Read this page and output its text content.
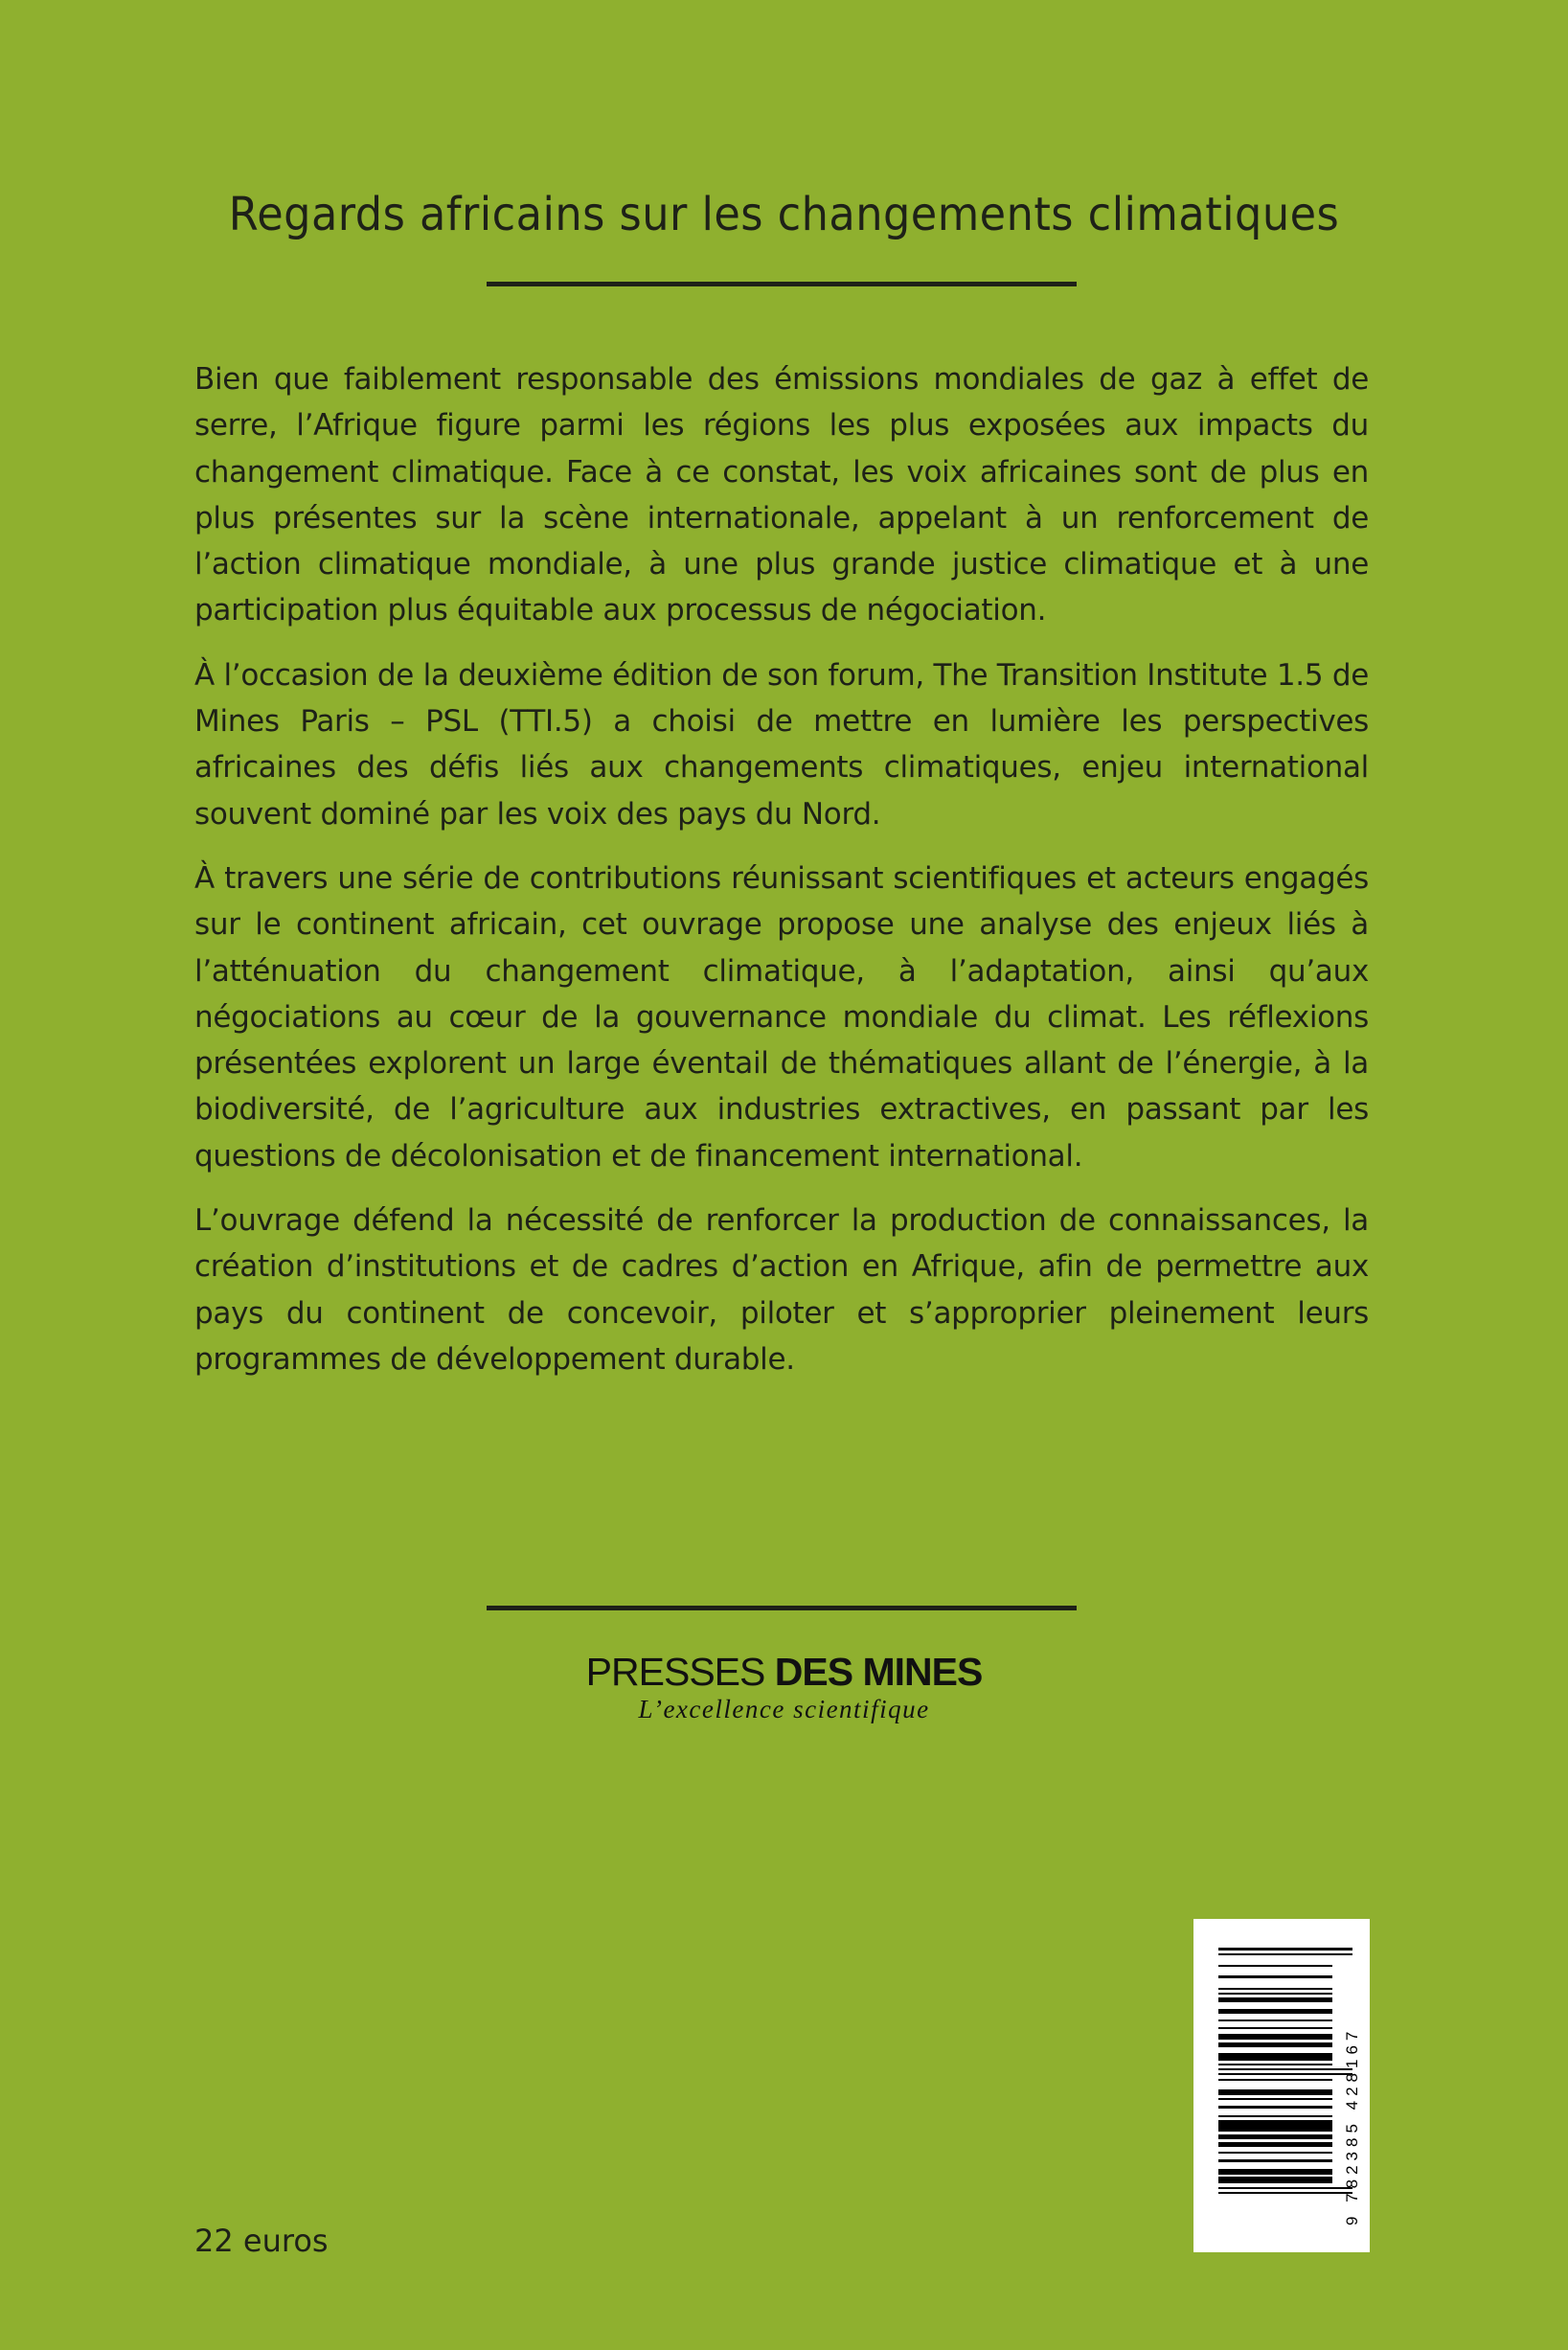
Regards africains sur les changements climatiques

Bien que faiblement responsable des émissions mondiales de gaz à effet de serre, l’Afrique figure parmi les régions les plus exposées aux impacts du changement climatique. Face à ce constat, les voix africaines sont de plus en plus présentes sur la scène internationale, appelant à un renforcement de l’action climatique mondiale, à une plus grande justice climatique et à une participation plus équitable aux processus de négociation.

À l’occasion de la deuxième édition de son forum, The Transition Institute 1.5 de Mines Paris – PSL (TTI.5) a choisi de mettre en lumière les perspectives africaines des défis liés aux changements climatiques, enjeu international souvent dominé par les voix des pays du Nord.

À travers une série de contributions réunissant scientifiques et acteurs engagés sur le continent africain, cet ouvrage propose une analyse des enjeux liés à l’atténuation du changement climatique, à l’adaptation, ainsi qu’aux négociations au cœur de la gouvernance mondiale du climat. Les réflexions présentées explorent un large éventail de thématiques allant de l’énergie, à la biodiversité, de l’agriculture aux industries extractives, en passant par les questions de décolonisation et de financement international.

L’ouvrage défend la nécessité de renforcer la production de connaissances, la création d’institutions et de cadres d’action en Afrique, afin de permettre aux pays du continent de concevoir, piloter et s’approprier pleinement leurs programmes de développement durable.

PRESSES DES MINES
L’excellence scientifique
22 euros
9 782385 428167
